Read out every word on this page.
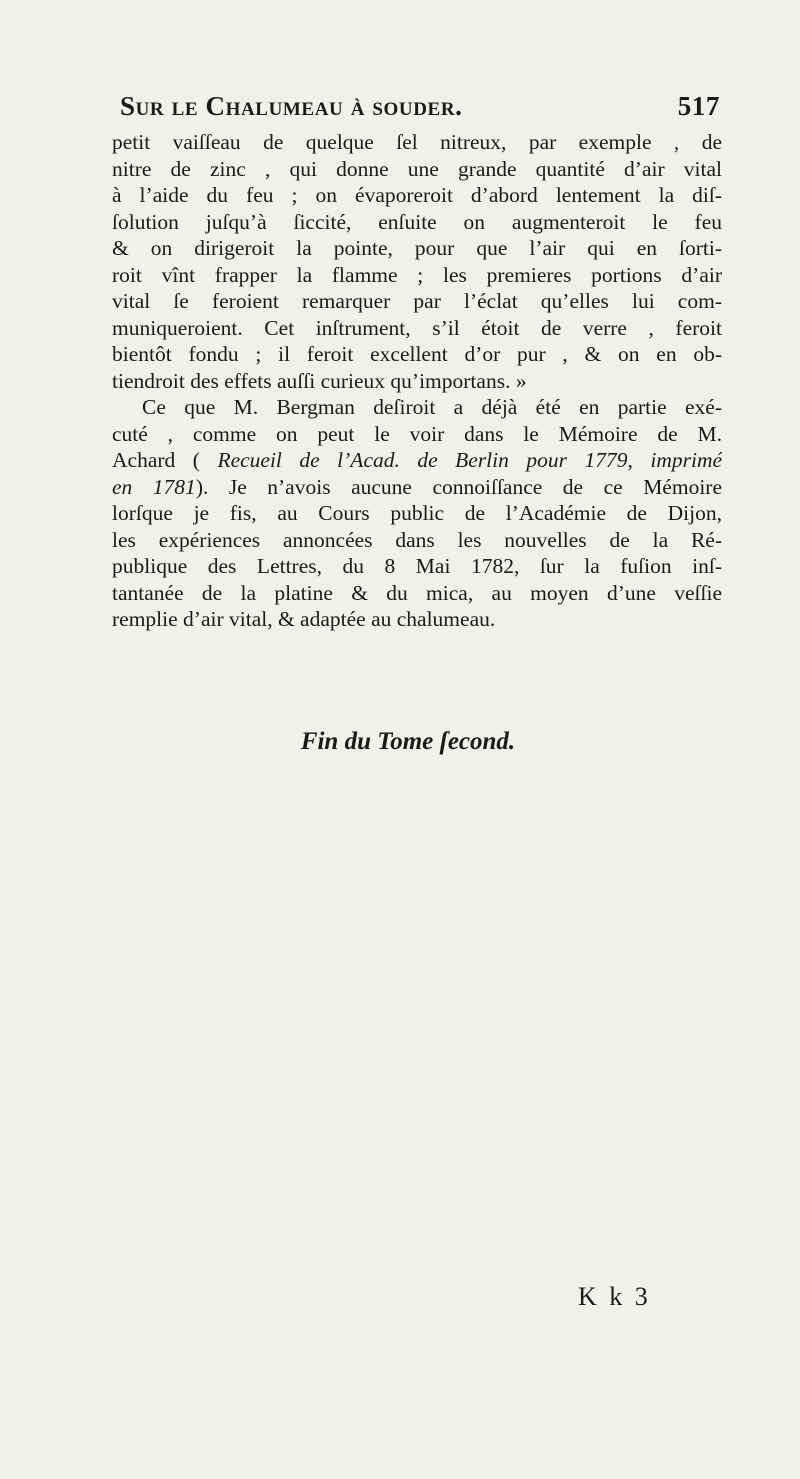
Sur le Chalumeau à souder.	517
petit vaiſſeau de quelque ſel nitreux, par exemple , de
nitre de zinc , qui donne une grande quantité d’air vital
à l’aide du feu ; on évaporeroit d’abord lentement la diſ-
ſolution juſqu’à ſiccité, enſuite on augmenteroit le feu
& on dirigeroit la pointe, pour que l’air qui en ſorti-
roit vînt frapper la flamme ; les premieres portions d’air
vital ſe feroient remarquer par l’éclat qu’elles lui com-
muniqueroient. Cet inſtrument, s’il étoit de verre , feroit
bientôt fondu ; il feroit excellent d’or pur , & on en ob-
tiendroit des effets auſſi curieux qu’importans. »
Ce que M. Bergman deſiroit a déjà été en partie exé-
cuté , comme on peut le voir dans le Mémoire de M.
Achard ( Recueil de l’Acad. de Berlin pour 1779, imprimé
en 1781). Je n’avois aucune connoiſſance de ce Mémoire
lorſque je fis, au Cours public de l’Académie de Dijon,
les expériences annoncées dans les nouvelles de la Ré-
publique des Lettres, du 8 Mai 1782, ſur la fuſion inſ-
tantanée de la platine & du mica, au moyen d’une veſſie
remplie d’air vital, & adaptée au chalumeau.
Fin du Tome ſecond.
K k 3
